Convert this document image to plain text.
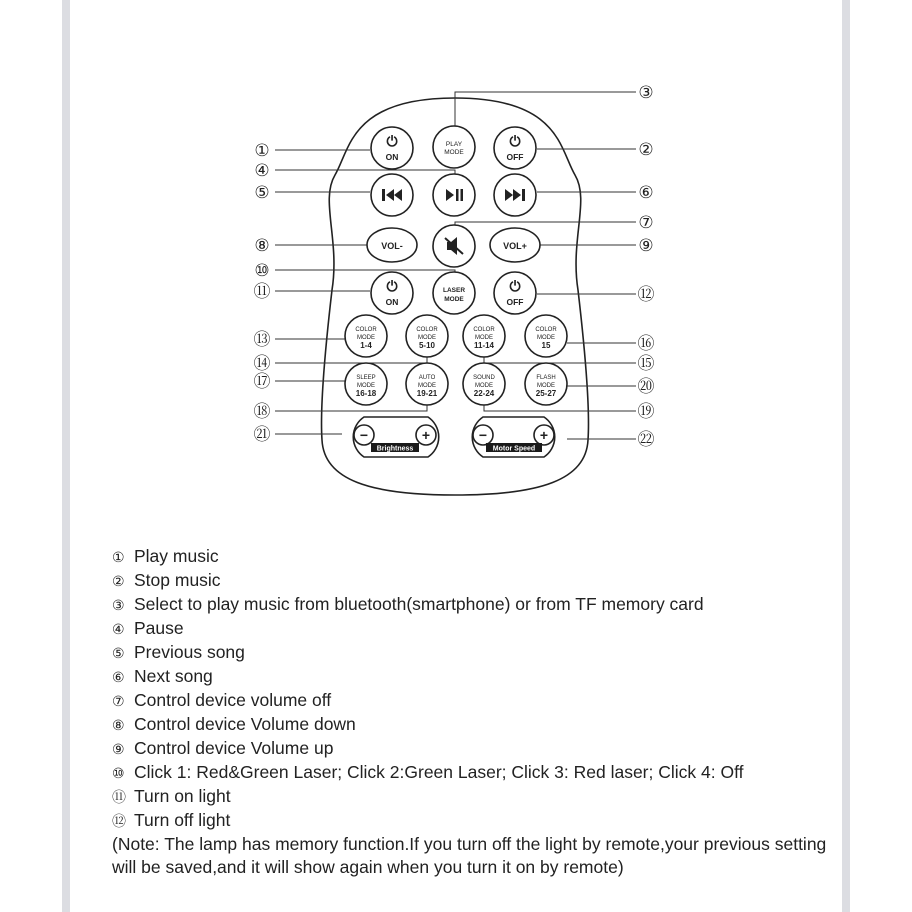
①	②
③
④
⑤	⑥
⑦
⑧	⑨
⑩
⑪	⑫
⑬
⑭	⑮
⑯
⑰
⑱	⑲
⑳
㉑	㉒
⏻
ON
PLAY
MODE
⏻
OFF
VOL-	VOL+
⏻
ON
LASER
MODE
⏻
OFF
COLOR
MODE
1-4
COLOR
MODE
5-10
COLOR
MODE
11-14
COLOR
MODE
15
SLEEP
MODE
16-18
AUTO
MODE
19-21
SOUND
MODE
22-24
FLASH
MODE
25-27
−	+
Brightness
−	+
Motor Speed
① Play music
② Stop music
③ Select to play music from bluetooth(smartphone) or from TF memory card
④ Pause
⑤ Previous song
⑥ Next song
⑦ Control device volume off
⑧ Control device Volume down
⑨ Control device Volume up
⑩ Click 1: Red&Green Laser; Click 2:Green Laser; Click 3: Red laser; Click 4: Off
⑪ Turn on light
⑫ Turn off light
(Note: The lamp has memory function.If you turn off the light by remote,your previous setting will be saved,and it will show again when you turn it on by remote)
